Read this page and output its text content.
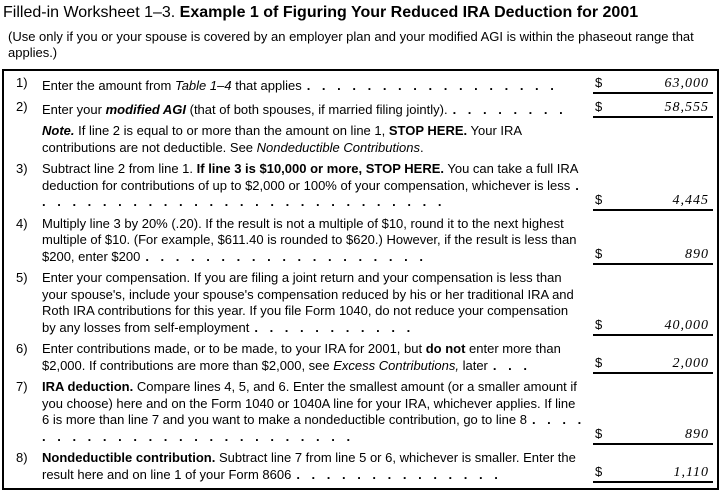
Filled-in Worksheet 1–3. Example 1 of Figuring Your Reduced IRA Deduction for 2001
(Use only if you or your spouse is covered by an employer plan and your modified AGI is within the phaseout range that applies.)
1)	Enter the amount from Table 1–4 that applies . . . . . . . . . . . . . . . . .	$	63,000
2)	Enter your modified AGI (that of both spouses, if married filing jointly). . . . . . . . .	$	58,555
Note. If line 2 is equal to or more than the amount on line 1, STOP HERE. Your IRA contributions are not deductible. See Nondeductible Contributions.
3)	Subtract line 2 from line 1. If line 3 is $10,000 or more, STOP HERE. You can take a full IRA deduction for contributions of up to $2,000 or 100% of your compensation, whichever is less . . . . . . . . . . . . . . . . . . . . . . . . . . . .	$	4,445
4)	Multiply line 3 by 20% (.20). If the result is not a multiple of $10, round it to the next highest multiple of $10. (For example, $611.40 is rounded to $620.) However, if the result is less than $200, enter $200 . . . . . . . . . . . . . . . . . . .	$	890
5)	Enter your compensation. If you are filing a joint return and your compensation is less than your spouse's, include your spouse's compensation reduced by his or her traditional IRA and Roth IRA contributions for this year. If you file Form 1040, do not reduce your compensation by any losses from self-employment . . . . . . . . . . .	$	40,000
6)	Enter contributions made, or to be made, to your IRA for 2001, but do not enter more than $2,000. If contributions are more than $2,000, see Excess Contributions, later . . .	$	2,000
7)	IRA deduction. Compare lines 4, 5, and 6. Enter the smallest amount (or a smaller amount if you choose) here and on the Form 1040 or 1040A line for your IRA, whichever applies. If line 6 is more than line 7 and you want to make a nondeductible contribution, go to line 8 . . . . . . . . . . . . . . . . . . . . . . . . .	$	890
8)	Nondeductible contribution. Subtract line 7 from line 5 or 6, whichever is smaller. Enter the result here and on line 1 of your Form 8606 . . . . . . . . . . . . . .	$	1,110
